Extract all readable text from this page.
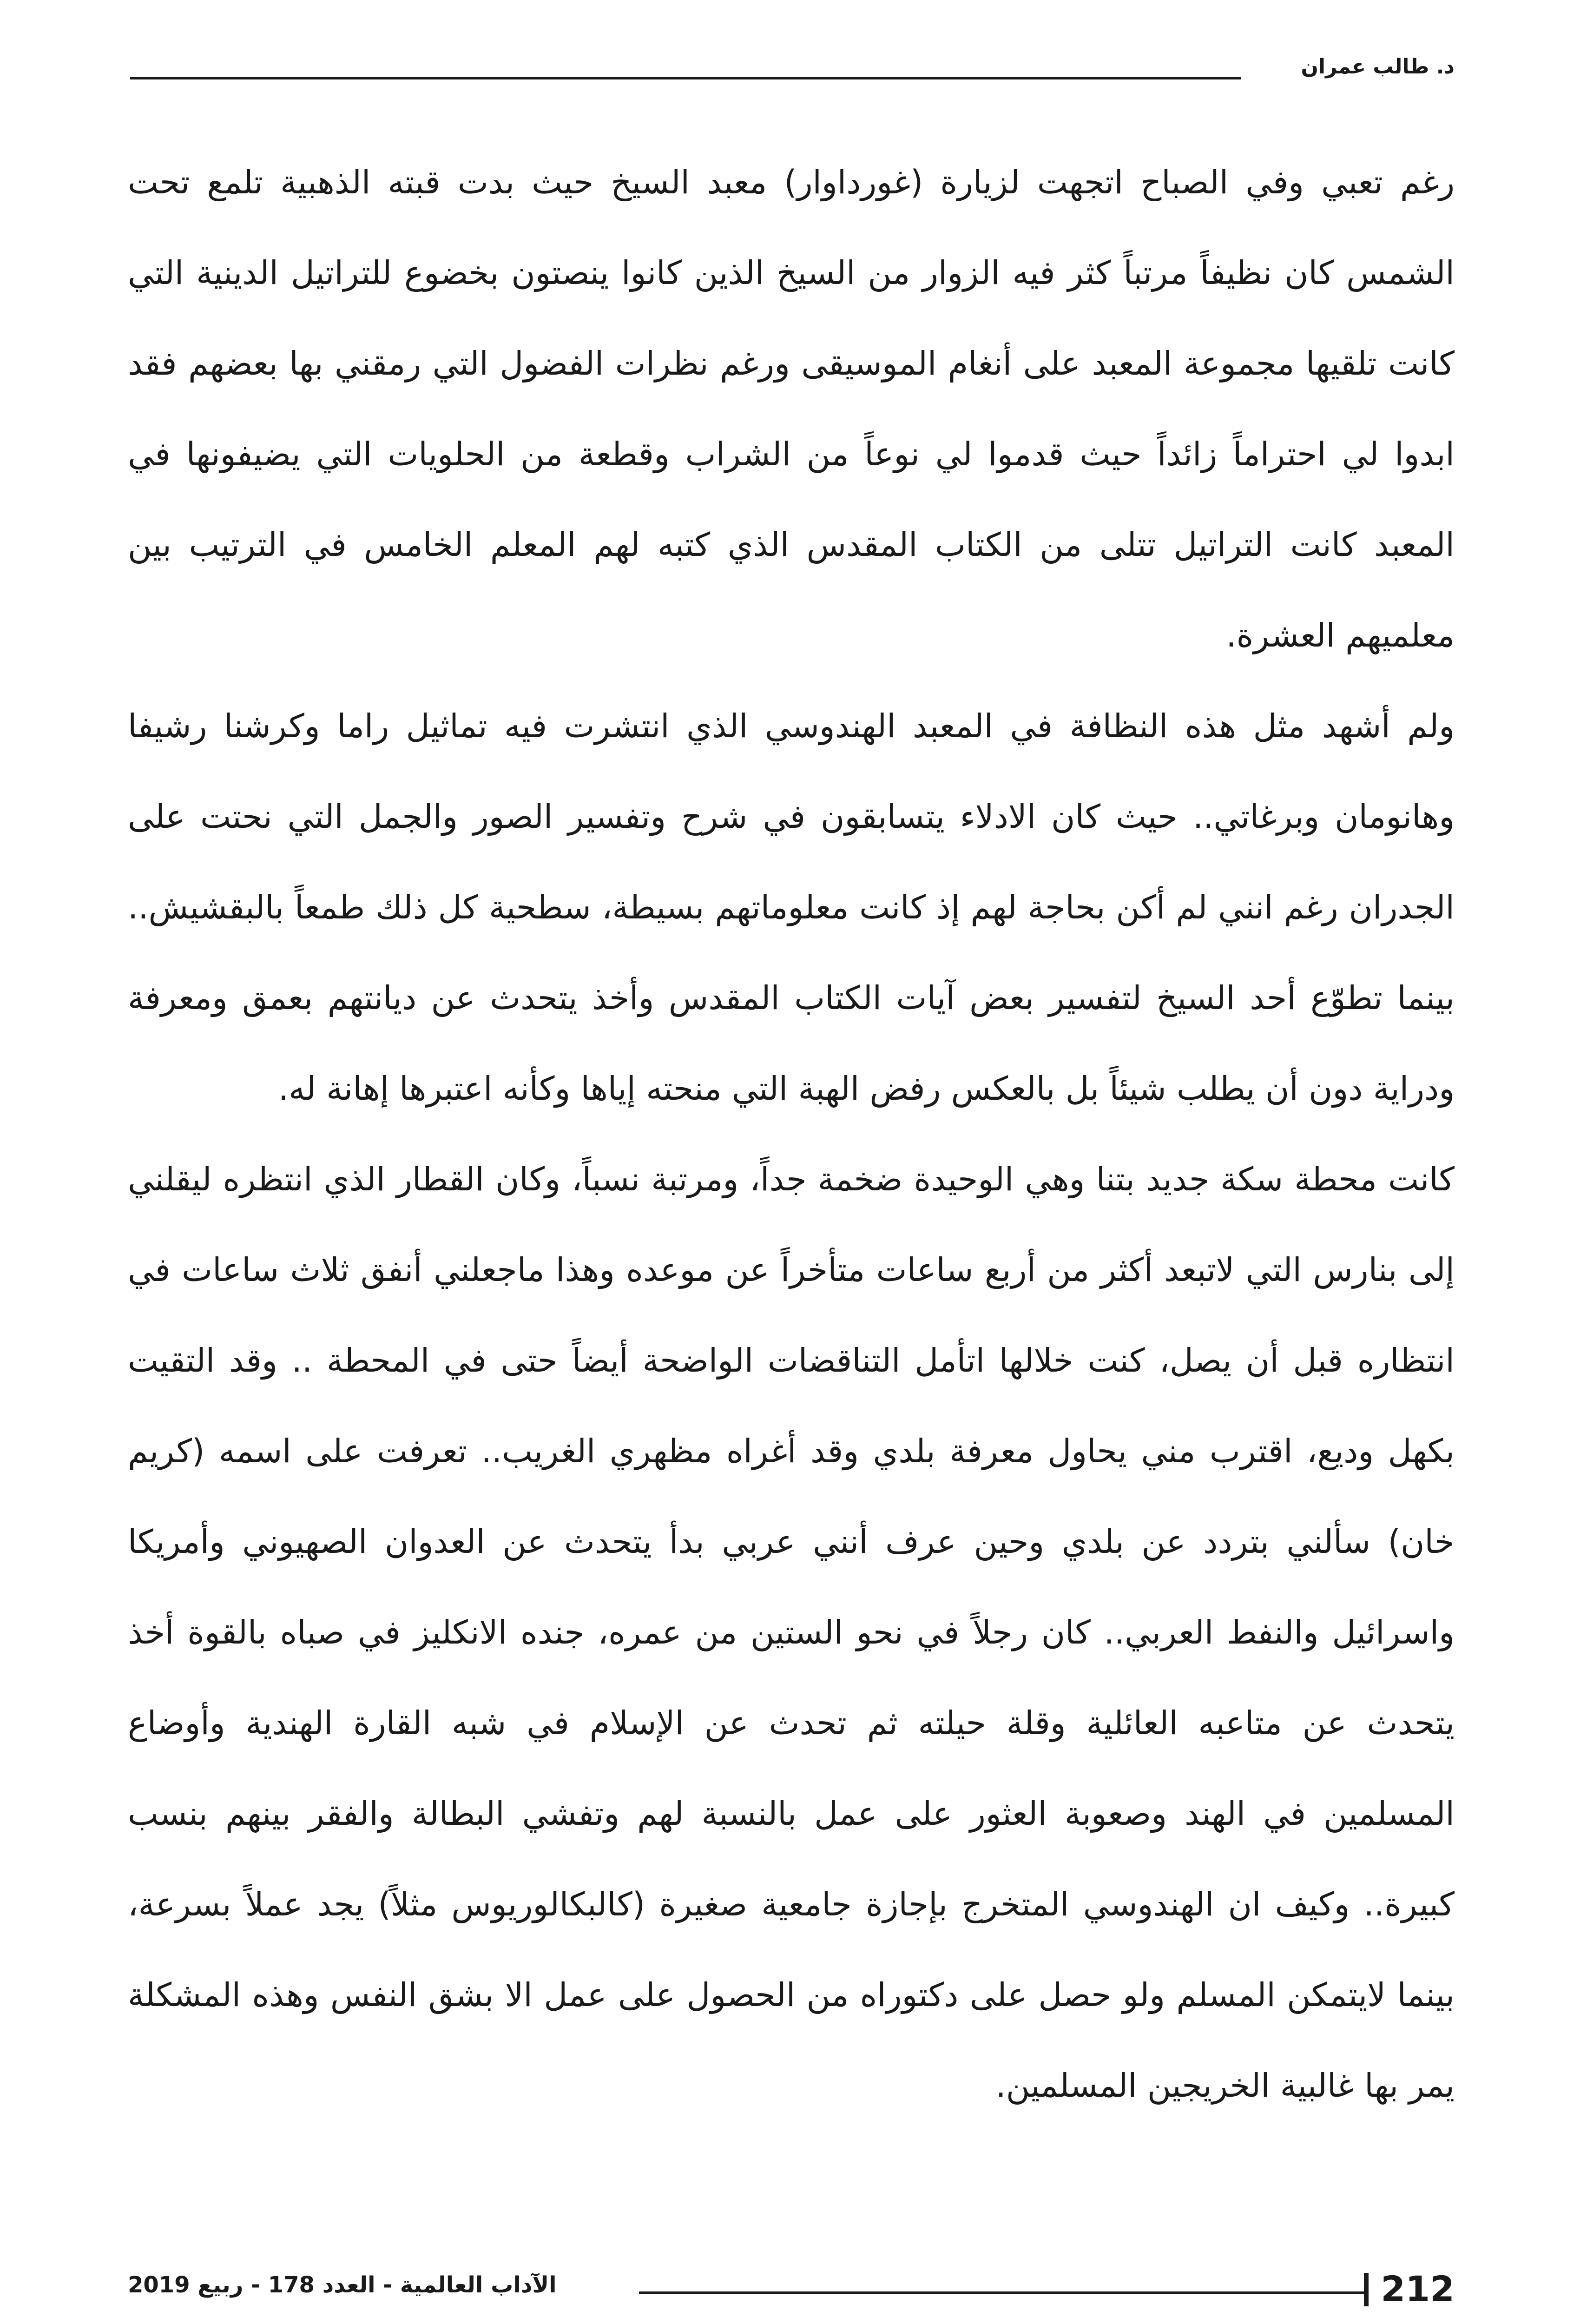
د. طالب عمران

رغم تعبي وفي الصباح اتجهت لزيارة (غورداوار) معبد السيخ حيث بدت قبته الذهبية تلمع تحت الشمس كان نظيفاً مرتباً كثر فيه الزوار من السيخ الذين كانوا ينصتون بخضوع للتراتيل الدينية التي كانت تلقيها مجموعة المعبد على أنغام الموسيقى ورغم نظرات الفضول التي رمقني بها بعضهم فقد ابدوا لي احتراماً زائداً حيث قدموا لي نوعاً من الشراب وقطعة من الحلويات التي يضيفونها في المعبد كانت التراتيل تتلى من الكتاب المقدس الذي كتبه لهم المعلم الخامس في الترتيب بين معلميهم العشرة.

ولم أشهد مثل هذه النظافة في المعبد الهندوسي الذي انتشرت فيه تماثيل راما وكرشنا رشيفا وهانومان وبرغاتي.. حيث كان الادلاء يتسابقون في شرح وتفسير الصور والجمل التي نحتت على الجدران رغم انني لم أكن بحاجة لهم إذ كانت معلوماتهم بسيطة، سطحية كل ذلك طمعاً بالبقشيش.. بينما تطوّع أحد السيخ لتفسير بعض آيات الكتاب المقدس وأخذ يتحدث عن ديانتهم بعمق ومعرفة ودراية دون أن يطلب شيئاً بل بالعكس رفض الهبة التي منحته إياها وكأنه اعتبرها إهانة له.

كانت محطة سكة جديد بتنا وهي الوحيدة ضخمة جداً، ومرتبة نسباً، وكان القطار الذي انتظره ليقلني إلى بنارس التي لاتبعد أكثر من أربع ساعات متأخراً عن موعده وهذا ماجعلني أنفق ثلاث ساعات في انتظاره قبل أن يصل، كنت خلالها اتأمل التناقضات الواضحة أيضاً حتى في المحطة .. وقد التقيت بكهل وديع، اقترب مني يحاول معرفة بلدي وقد أغراه مظهري الغريب.. تعرفت على اسمه (كريم خان) سألني بتردد عن بلدي وحين عرف أنني عربي بدأ يتحدث عن العدوان الصهيوني وأمريكا واسرائيل والنفط العربي.. كان رجلاً في نحو الستين من عمره، جنده الانكليز في صباه بالقوة أخذ يتحدث عن متاعبه العائلية وقلة حيلته ثم تحدث عن الإسلام في شبه القارة الهندية وأوضاع المسلمين في الهند وصعوبة العثور على عمل بالنسبة لهم وتفشي البطالة والفقر بينهم بنسب كبيرة.. وكيف ان الهندوسي المتخرج بإجازة جامعية صغيرة (كالبكالوريوس مثلاً) يجد عملاً بسرعة، بينما لايتمكن المسلم ولو حصل على دكتوراه من الحصول على عمل الا بشق النفس وهذه المشكلة يمر بها غالبية الخريجين المسلمين.

الآداب العالمية - العدد 178 - ربيع 2019	212
